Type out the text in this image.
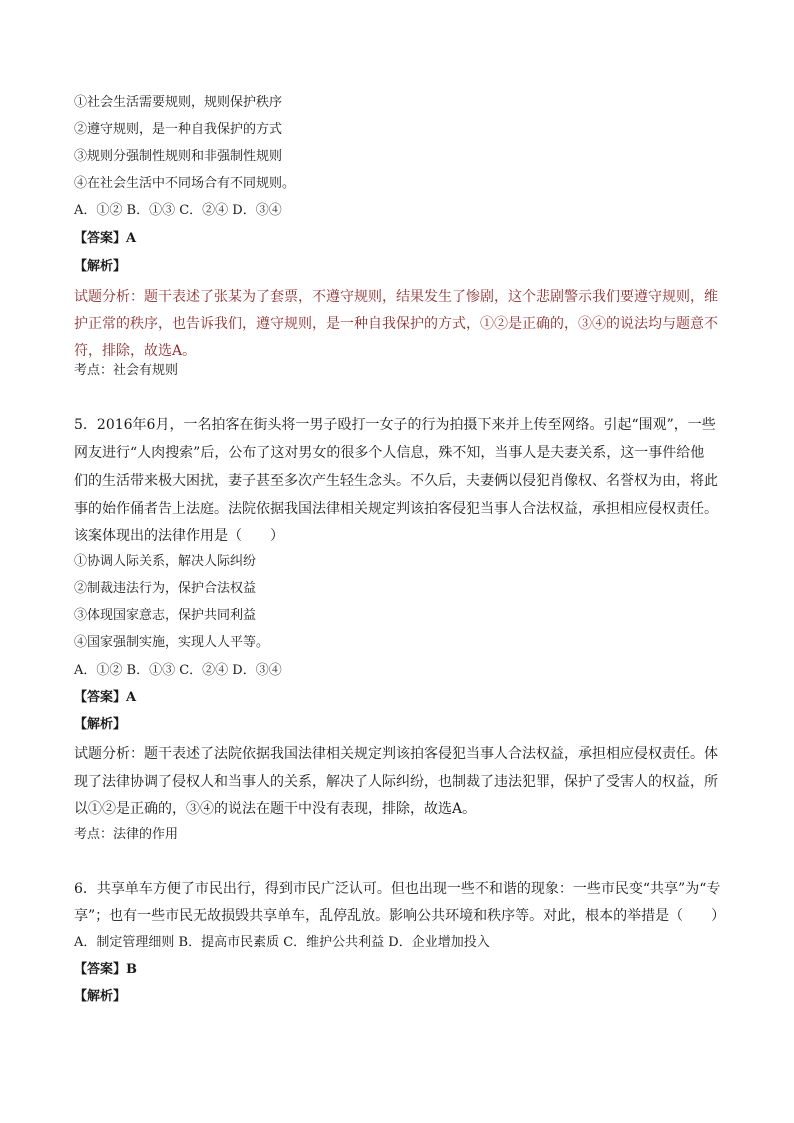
①社会生活需要规则，规则保护秩序
②遵守规则，是一种自我保护的方式
③规则分强制性规则和非强制性规则
④在社会生活中不同场合有不同规则。
A．①② B．①③ C．②④ D．③④
【答案】A
【解析】
试题分析：题干表述了张某为了套票，不遵守规则，结果发生了惨剧，这个悲剧警示我们要遵守规则，维
护正常的秩序，也告诉我们，遵守规则，是一种自我保护的方式，①②是正确的，③④的说法均与题意不
符，排除，故选A。
考点：社会有规则
5．2016年6月，一名拍客在街头将一男子殴打一女子的行为拍摄下来并上传至网络。引起“围观”，一些
网友进行“人肉搜索”后，公布了这对男女的很多个人信息，殊不知，当事人是夫妻关系，这一事件给他
们的生活带来极大困扰，妻子甚至多次产生轻生念头。不久后，夫妻俩以侵犯肖像权、名誉权为由，将此
事的始作俑者告上法庭。法院依据我国法律相关规定判该拍客侵犯当事人合法权益，承担相应侵权责任。
该案体现出的法律作用是（　　）
①协调人际关系，解决人际纠纷
②制裁违法行为，保护合法权益
③体现国家意志，保护共同利益
④国家强制实施，实现人人平等。
A．①② B．①③ C．②④ D．③④
【答案】A
【解析】
试题分析：题干表述了法院依据我国法律相关规定判该拍客侵犯当事人合法权益，承担相应侵权责任。体
现了法律协调了侵权人和当事人的关系，解决了人际纠纷，也制裁了违法犯罪，保护了受害人的权益，所
以①②是正确的，③④的说法在题干中没有表现，排除，故选A。
考点：法律的作用
6．共享单车方便了市民出行，得到市民广泛认可。但也出现一些不和谐的现象：一些市民变“共享”为“专
享”；也有一些市民无故损毁共享单车，乱停乱放。影响公共环境和秩序等。对此，根本的举措是（　　）
A．制定管理细则 B．提高市民素质 C．维护公共利益 D．企业增加投入
【答案】B
【解析】
